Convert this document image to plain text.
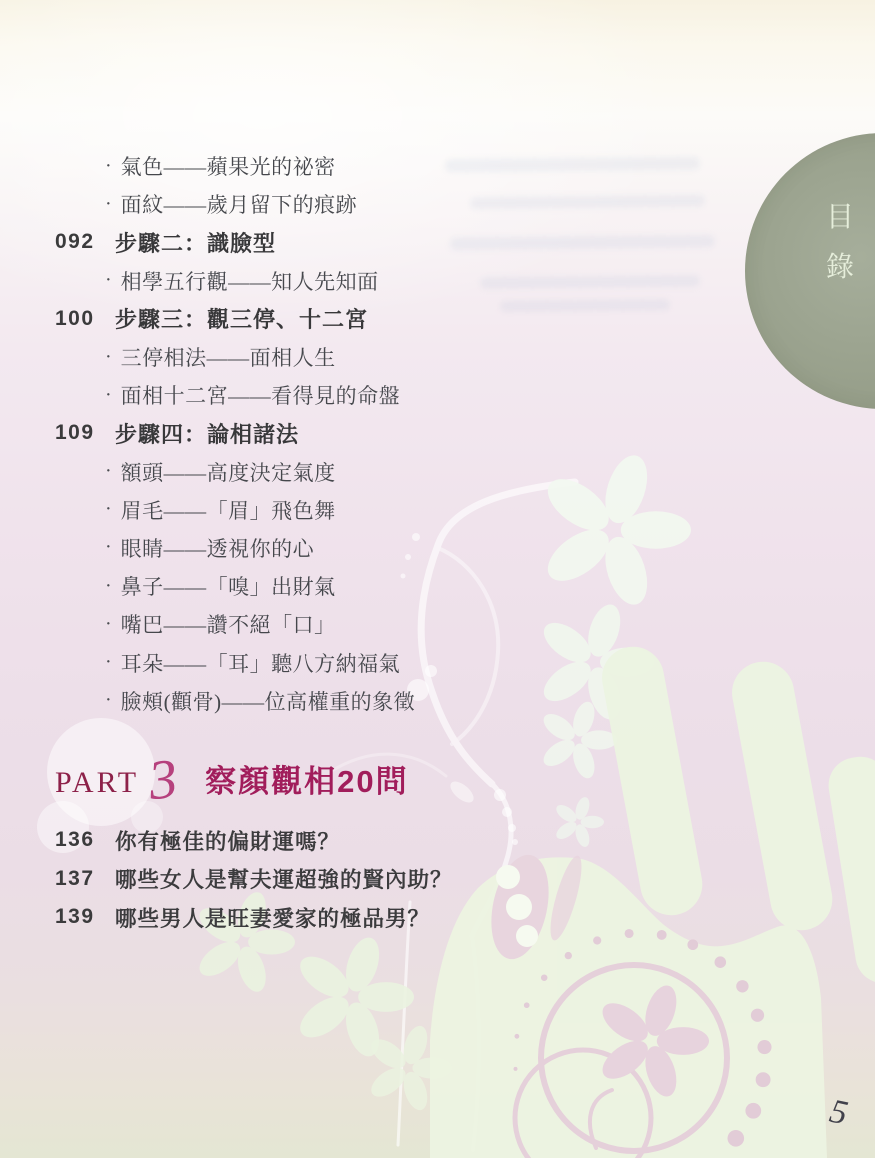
目
錄
· 氣色——蘋果光的祕密
· 面紋——歲月留下的痕跡
092 步驟二：識臉型
· 相學五行觀——知人先知面
100 步驟三：觀三停、十二宮
· 三停相法——面相人生
· 面相十二宮——看得見的命盤
109 步驟四：論相諸法
· 額頭——高度決定氣度
· 眉毛——「眉」飛色舞
· 眼睛——透視你的心
· 鼻子——「嗅」出財氣
· 嘴巴——讚不絕「口」
· 耳朵——「耳」聽八方納福氣
· 臉頰(顴骨)——位高權重的象徵
PART 3 察顏觀相20問
136 你有極佳的偏財運嗎？
137 哪些女人是幫夫運超強的賢內助？
139 哪些男人是旺妻愛家的極品男？
5
